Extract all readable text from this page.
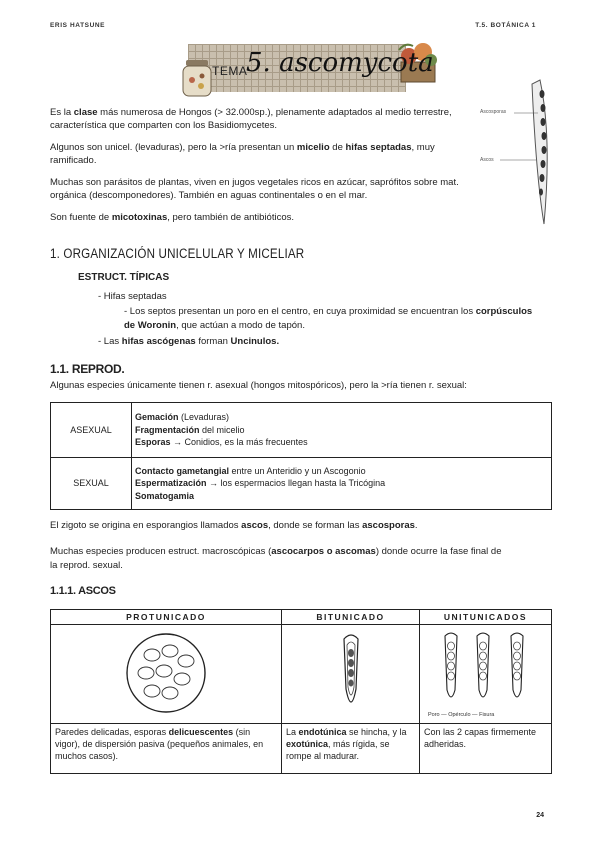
ERIS HATSUNE	T.5. BOTÁNICA 1
TEMA
5. ascomycota
Ascosporas
Ascos

Es la clase más numerosa de Hongos (> 32.000sp.), plenamente adaptados al medio terrestre, característica que comparten con los Basidiomycetes.

Algunos son unicel. (levaduras), pero la >ría presentan un micelio de hifas septadas, muy ramificado.

Muchas son parásitos de plantas, viven en jugos vegetales ricos en azúcar, saprófitos sobre mat. orgánica (descomponedores). También en aguas continentales o en el mar.

Son fuente de micotoxinas, pero también de antibióticos.

1. ORGANIZACIÓN UNICELULAR Y MICELIAR
ESTRUCT. TÍPICAS
- Hifas septadas
- Los septos presentan un poro en el centro, en cuya proximidad se encuentran los corpúsculos de Woronin, que actúan a modo de tapón.
- Las hifas ascógenas forman Uncinulos.
1.1. REPROD.
Algunas especies únicamente tienen r. asexual (hongos mitospóricos), pero la >ría tienen r. sexual:
ASEXUAL	Gemación (Levaduras)
Fragmentación del micelio
Esporas → Conidios, es la más frecuentes

SEXUAL	Contacto gametangial entre un Anteridio y un Ascogonio
Espermatización → los espermacios llegan hasta la Tricógina
Somatogamia
El zigoto se origina en esporangios llamados ascos, donde se forman las ascosporas.
Muchas especies producen estruct. macroscópicas (ascocarpos o ascomas) donde ocurre la fase final de la reprod. sexual.
1.1.1. ASCOS
PROTUNICADO	BITUNICADO	UNITUNICADOS

Poro — Opérculo — Fisura

Paredes delicadas, esporas delicuescentes (sin vigor), de dispersión pasiva (pequeños animales, en muchos casos).	La endotúnica se hincha, y la exotúnica, más rígida, se rompe al madurar.	Con las 2 capas firmemente adheridas.
24
